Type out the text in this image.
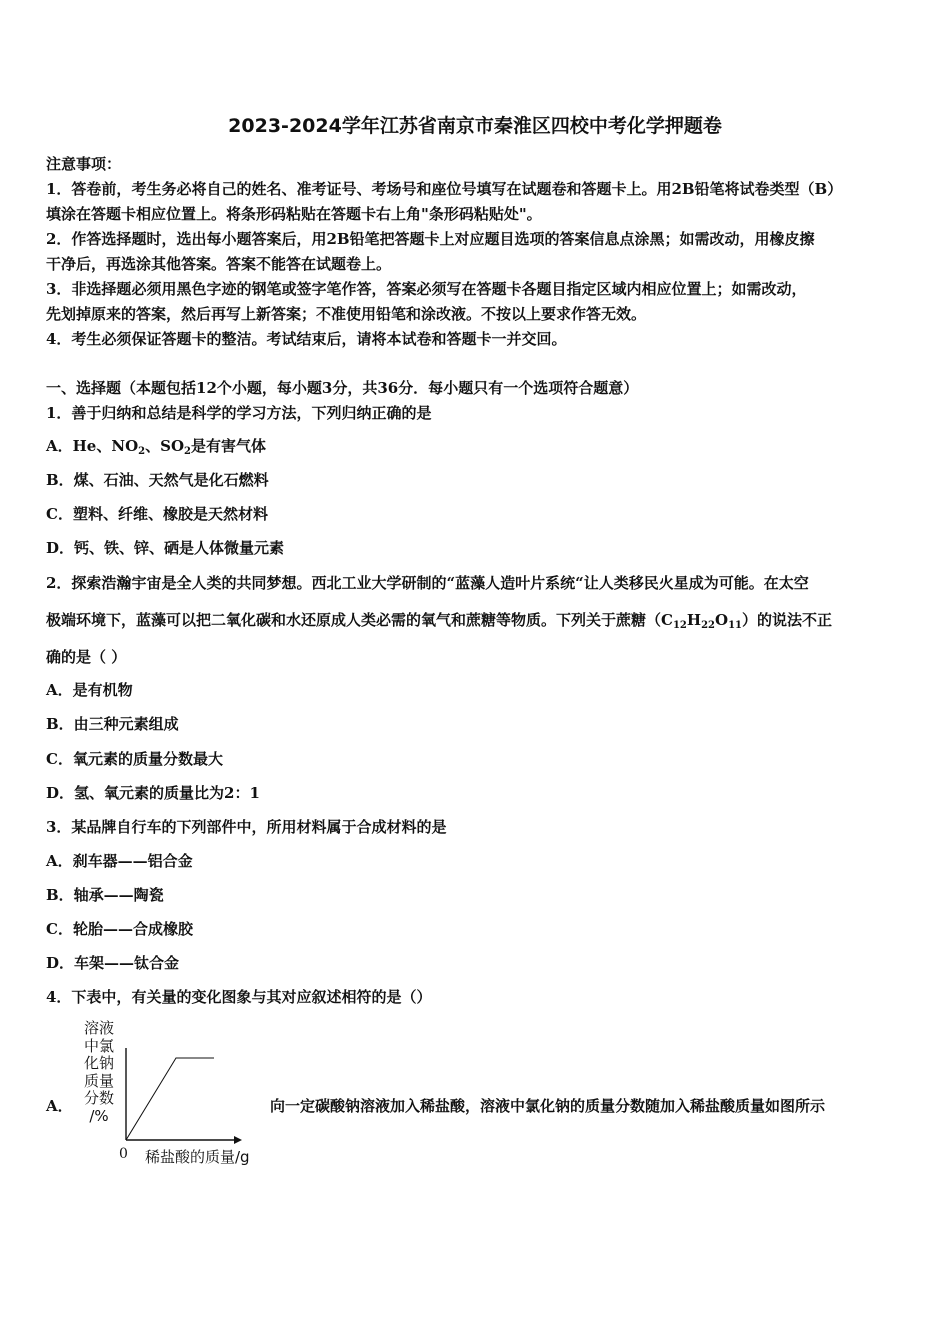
2023-2024学年江苏省南京市秦淮区四校中考化学押题卷
注意事项：
1．答卷前，考生务必将自己的姓名、准考证号、考场号和座位号填写在试题卷和答题卡上。用2B铅笔将试卷类型（B）
填涂在答题卡相应位置上。将条形码粘贴在答题卡右上角"条形码粘贴处"。
2．作答选择题时，选出每小题答案后，用2B铅笔把答题卡上对应题目选项的答案信息点涂黑；如需改动，用橡皮擦
干净后，再选涂其他答案。答案不能答在试题卷上。
3．非选择题必须用黑色字迹的钢笔或签字笔作答，答案必须写在答题卡各题目指定区域内相应位置上；如需改动，
先划掉原来的答案，然后再写上新答案；不准使用铅笔和涂改液。不按以上要求作答无效。
4．考生必须保证答题卡的整洁。考试结束后，请将本试卷和答题卡一并交回。
一、选择题（本题包括12个小题，每小题3分，共36分．每小题只有一个选项符合题意）
1．善于归纳和总结是科学的学习方法，下列归纳正确的是
A．He、$NO_2$、$SO_2$是有害气体
B．煤、石油、天然气是化石燃料
C．塑料、纤维、橡胶是天然材料
D．钙、铁、锌、硒是人体微量元素
2．探索浩瀚宇宙是全人类的共同梦想。西北工业大学研制的“蓝藻人造叶片系统“让人类移民火星成为可能。在太空
极端环境下，蓝藻可以把二氧化碳和水还原成人类必需的氧气和蔗糖等物质。下列关于蔗糖$(C_{12}H_{22}O_{11})$的说法不正
确的是（ ）
A．是有机物
B．由三种元素组成
C．氧元素的质量分数最大
D．氢、氧元素的质量比为2：1
3．某品牌自行车的下列部件中，所用材料属于合成材料的是
A．刹车器——铝合金
B．轴承——陶瓷
C．轮胎——合成橡胶
D．车架——钛合金
4．下表中，有关量的变化图象与其对应叙述相符的是（）
A．
溶液
中氯
化钠
质量
分数
/%
0 稀盐酸的质量/g
向一定碳酸钠溶液加入稀盐酸，溶液中氯化钠的质量分数随加入稀盐酸质量如图所示
